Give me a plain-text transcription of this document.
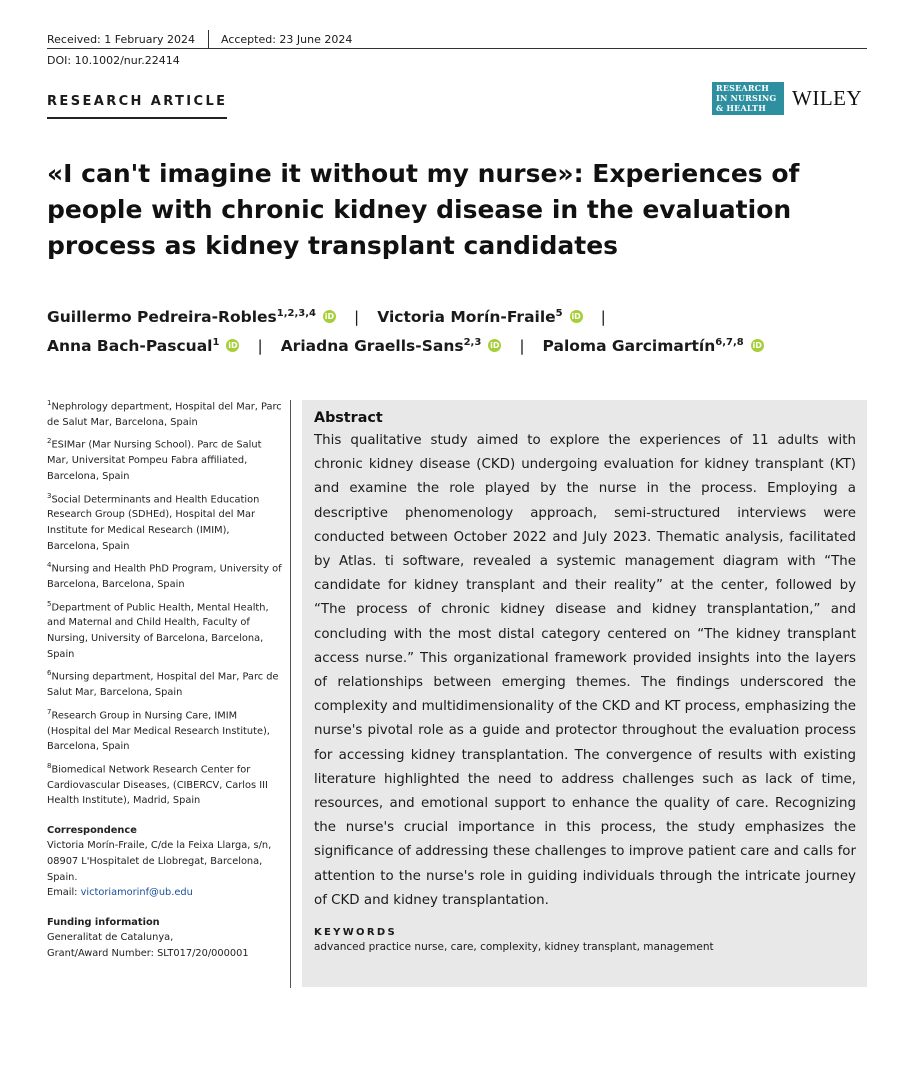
Received: 1 February 2024 Accepted: 23 June 2024
DOI: 10.1002/nur.22414
RESEARCH ARTICLE
RESEARCH
IN NURSING
& HEALTH	WILEY
«I can't imagine it without my nurse»: Experiences of people with chronic kidney disease in the evaluation process as kidney transplant candidates
Guillermo Pedreira-Robles$^{1,2,3,4}$ iD | Victoria Morín-Fraile$^5$ iD |
Anna Bach-Pascual$^1$ iD | Ariadna Graells-Sans$^{2,3}$ iD | Paloma Garcimartín$^{6,7,8}$ iD
$^1$Nephrology department, Hospital del Mar, Parc de Salut Mar, Barcelona, Spain
$^2$ESIMar (Mar Nursing School). Parc de Salut Mar, Universitat Pompeu Fabra affiliated, Barcelona, Spain
$^3$Social Determinants and Health Education Research Group (SDHEd), Hospital del Mar Institute for Medical Research (IMIM), Barcelona, Spain
$^4$Nursing and Health PhD Program, University of Barcelona, Barcelona, Spain
$^5$Department of Public Health, Mental Health, and Maternal and Child Health, Faculty of Nursing, University of Barcelona, Barcelona, Spain
$^6$Nursing department, Hospital del Mar, Parc de Salut Mar, Barcelona, Spain
$^7$Research Group in Nursing Care, IMIM (Hospital del Mar Medical Research Institute), Barcelona, Spain
$^8$Biomedical Network Research Center for Cardiovascular Diseases, (CIBERCV, Carlos III Health Institute), Madrid, Spain
Correspondence
Victoria Morín-Fraile, C/de la Feixa Llarga, s/n, 08907 L'Hospitalet de Llobregat, Barcelona, Spain.
Email: victoriamorinf@ub.edu
Funding information
Generalitat de Catalunya,
Grant/Award Number: SLT017/20/000001
Abstract

This qualitative study aimed to explore the experiences of 11 adults with chronic kidney disease (CKD) undergoing evaluation for kidney transplant (KT) and examine the role played by the nurse in the process. Employing a descriptive phenomenology approach, semi-structured interviews were conducted between October 2022 and July 2023. Thematic analysis, facilitated by Atlas. ti software, revealed a systemic management diagram with “The candidate for kidney transplant and their reality” at the center, followed by “The process of chronic kidney disease and kidney transplantation,” and concluding with the most distal category centered on “The kidney transplant access nurse.” This organizational framework provided insights into the layers of relationships between emerging themes. The findings underscored the complexity and multidimensionality of the CKD and KT process, emphasizing the nurse's pivotal role as a guide and protector throughout the evaluation process for accessing kidney transplantation. The convergence of results with existing literature highlighted the need to address challenges such as lack of time, resources, and emotional support to enhance the quality of care. Recognizing the nurse's crucial importance in this process, the study emphasizes the significance of addressing these challenges to improve patient care and calls for attention to the nurse's role in guiding individuals through the intricate journey of CKD and kidney transplantation.

KEYWORDS
advanced practice nurse, care, complexity, kidney transplant, management
